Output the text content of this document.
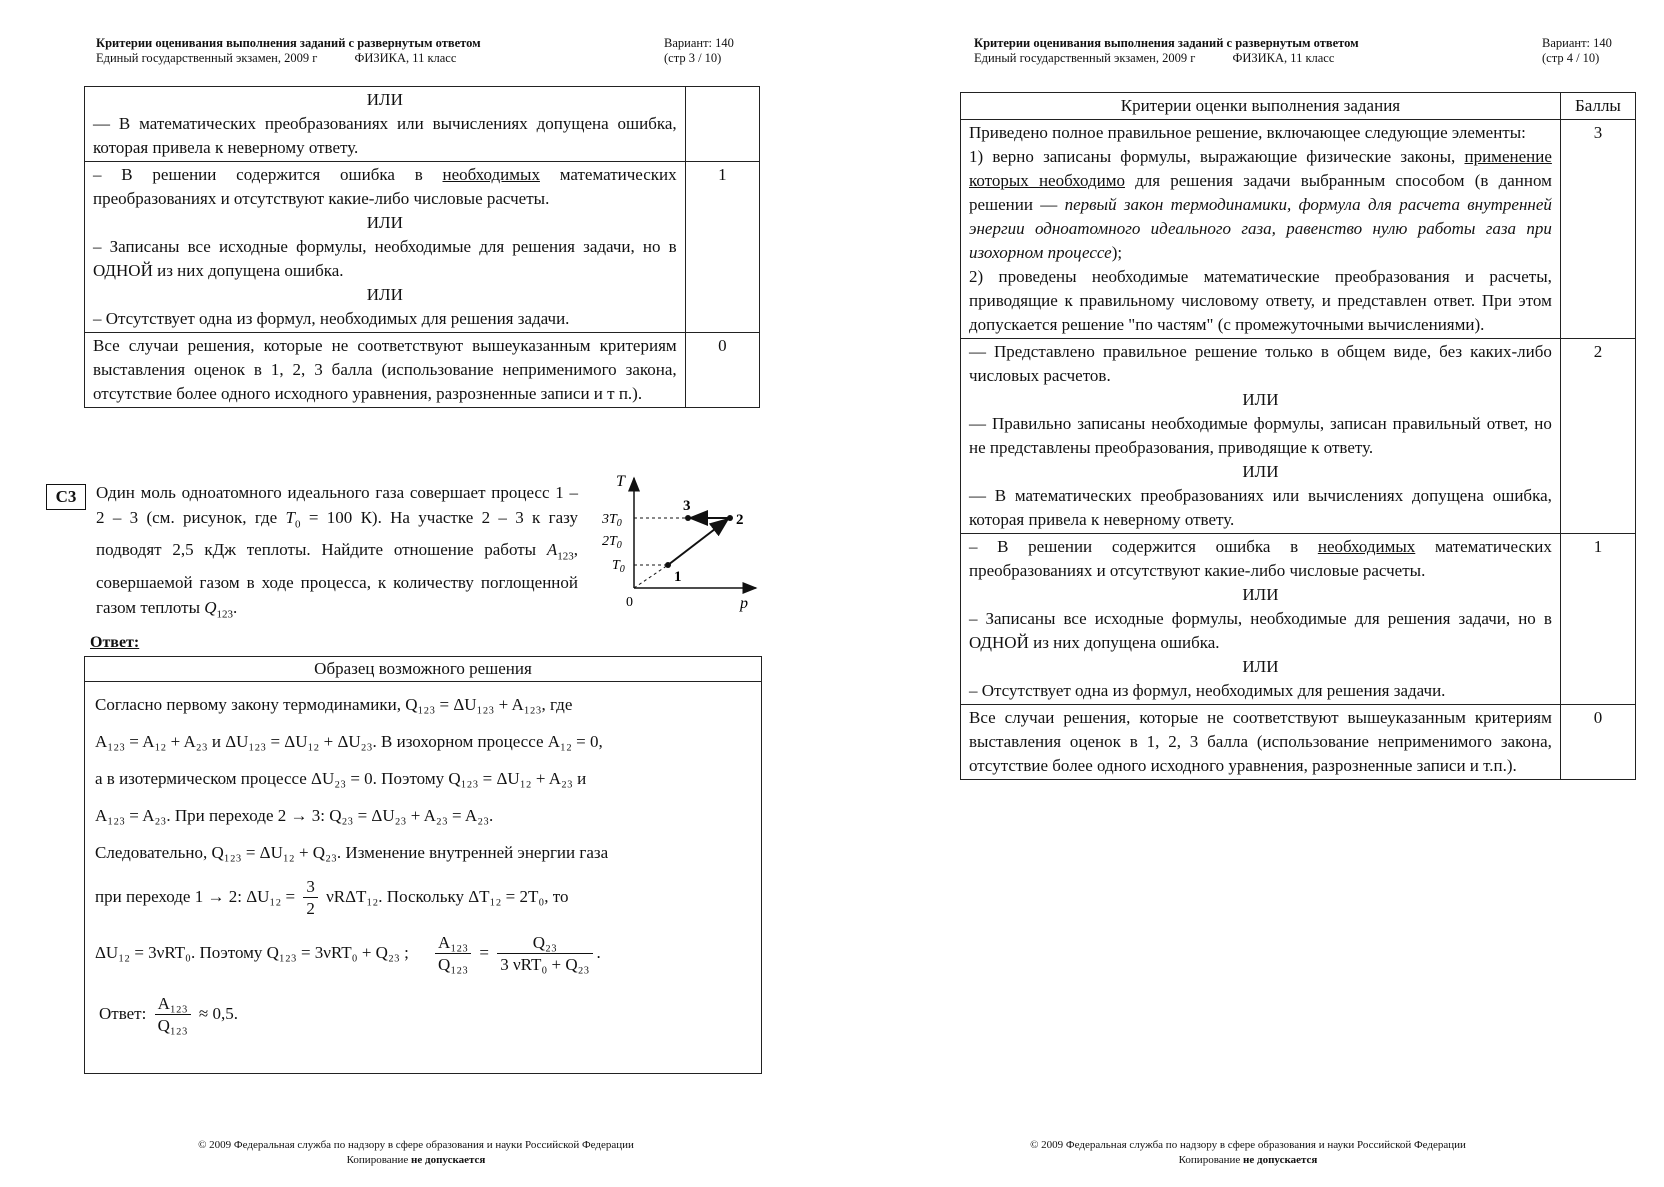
Критерии оценивания выполнения заданий с развернутым ответом
Единый государственный экзамен, 2009 г	ФИЗИКА, 11 класс
Вариант: 140
(стр 3 / 10)
ИЛИ
— В математических преобразованиях или вычислениях допущена ошибка, которая привела к неверному ответу.	

– В решении содержится ошибка в необходимых математических преобразованиях и отсутствуют какие-либо числовые расчеты.
ИЛИ
– Записаны все исходные формулы, необходимые для решения задачи, но в ОДНОЙ из них допущена ошибка.
ИЛИ
– Отсутствует одна из формул, необходимых для решения задачи.	1
Все случаи решения, которые не соответствуют вышеуказанным критериям выставления оценок в 1, 2, 3 балла (использование неприменимого закона, отсутствие более одного исходного уравнения, разрозненные записи и т п.).	0
C3	Один моль одноатомного идеального газа совершает процесс 1 – 2 – 3 (см. рисунок, где $T_0 = 100$ К). На участке 2 – 3 к газу подводят 2,5 кДж теплоты. Найдите отношение работы $A_{123}$, совершаемой газом в ходе процесса, к количеству поглощенной газом теплоты $Q_{123}$.
T
p
0
$3T_0$
$2T_0$
$T_0$	1
2
3
Ответ:
Образец возможного решения
Согласно первому закону термодинамики, Q₁₂₃ = ΔU₁₂₃ + A₁₂₃, где
A₁₂₃ = A₁₂ + A₂₃ и ΔU₁₂₃ = ΔU₁₂ + ΔU₂₃. В изохорном процессе A₁₂ = 0,
а в изотермическом процессе ΔU₂₃ = 0. Поэтому Q₁₂₃ = ΔU₁₂ + A₂₃ и
A₁₂₃ = A₂₃. При переходе 2 → 3: Q₂₃ = ΔU₂₃ + A₂₃ = A₂₃.
Следовательно, Q₁₂₃ = ΔU₁₂ + Q₂₃. Изменение внутренней энергии газа
при переходе 1 → 2: $\Delta U_{12} = \frac{3}{2} \nu R\Delta T_{12}$. Поскольку ΔT₁₂ = 2T₀, то
ΔU₁₂ = 3νRT₀. Поэтому Q₁₂₃ = 3νRT₀ + Q₂₃ ; $\frac{\text{A₁₂₃}}{\text{Q₁₂₃}} = \frac{\text{Q₂₃}}{\text{3 νRT₀ + Q₂₃}}$ .
Ответ: $\frac{\text{A₁₂₃}}{\text{Q₁₂₃}} \approx 0,5$.
© 2009 Федеральная служба по надзору в сфере образования и науки Российской Федерации
Копирование не допускается
Критерии оценивания выполнения заданий с развернутым ответом
Единый государственный экзамен, 2009 г	ФИЗИКА, 11 класс
Вариант: 140
(стр 4 / 10)
Критерии оценки выполнения задания	Баллы

Приведено полное правильное решение, включающее следующие элементы:
1) верно записаны формулы, выражающие физические законы, применение которых необходимо для решения задачи выбранным способом (в данном решении — первый закон термодинамики, формула для расчета внутренней энергии одноатомного идеального газа, равенство нулю работы газа при изохорном процессе);
2) проведены необходимые математические преобразования и расчеты, приводящие к правильному числовому ответу, и представлен ответ. При этом допускается решение "по частям" (с промежуточными вычислениями).	3

— Представлено правильное решение только в общем виде, без каких-либо числовых расчетов.
ИЛИ
— Правильно записаны необходимые формулы, записан правильный ответ, но не представлены преобразования, приводящие к ответу.
ИЛИ
— В математических преобразованиях или вычислениях допущена ошибка, которая привела к неверному ответу.	2

– В решении содержится ошибка в необходимых математических преобразованиях и отсутствуют какие-либо числовые расчеты.
ИЛИ
– Записаны все исходные формулы, необходимые для решения задачи, но в ОДНОЙ из них допущена ошибка.
ИЛИ
– Отсутствует одна из формул, необходимых для решения задачи.	1
Все случаи решения, которые не соответствуют вышеуказанным критериям выставления оценок в 1, 2, 3 балла (использование неприменимого закона, отсутствие более одного исходного уравнения, разрозненные записи и т.п.).	0
© 2009 Федеральная служба по надзору в сфере образования и науки Российской Федерации
Копирование не допускается
